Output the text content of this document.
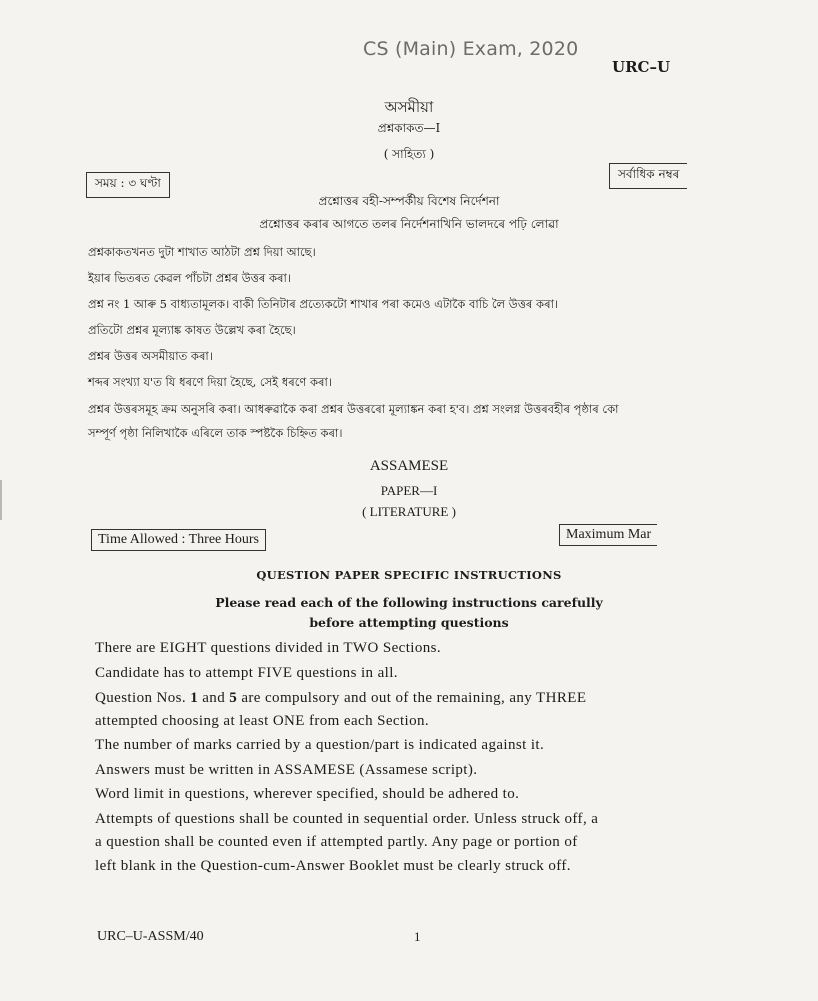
CS (Main) Exam, 2020
URC–U
অসমীয়া
প্ৰশ্নকাকত—I
( সাহিত্য )
সময় : ৩ ঘণ্টা
সৰ্বাধিক নম্বৰ
প্ৰশ্নোত্তৰ বহী-সম্পৰ্কীয় বিশেষ নিৰ্দেশনা
প্ৰশ্নোত্তৰ কৰাৰ আগতে তলৰ নিৰ্দেশনাখিনি ভালদৰে পঢ়ি লোৱা
প্ৰশ্নকাকতখনত দুটা শাখাত আঠটা প্ৰশ্ন দিয়া আছে।
ইয়াৰ ভিতৰত কেৱল পাঁচটা প্ৰশ্নৰ উত্তৰ কৰা।
প্ৰশ্ন নং 1 আৰু 5 বাধ্যতামূলক। বাকী তিনিটাৰ প্ৰত্যেকটো শাখাৰ পৰা কমেও এটাকৈ বাচি লৈ উত্তৰ কৰা।
প্ৰতিটো প্ৰশ্নৰ মূল্যাঙ্ক কাষত উল্লেখ কৰা হৈছে।
প্ৰশ্নৰ উত্তৰ অসমীয়াত কৰা।
শব্দৰ সংখ্যা য'ত যি ধৰণে দিয়া হৈছে, সেই ধৰণে কৰা।
প্ৰশ্নৰ উত্তৰসমূহ ক্ৰম অনুসৰি কৰা। আধৰুৱাকৈ কৰা প্ৰশ্নৰ উত্তৰৰো মূল্যাঙ্কন কৰা হ'ব। প্ৰশ্ন সংলগ্ন উত্তৰবহীৰ পৃষ্ঠাৰ কো
সম্পূৰ্ণ পৃষ্ঠা নিলিখাকৈ এৰিলে তাক স্পষ্টকৈ চিহ্নিত কৰা।
ASSAMESE
PAPER—I
( LITERATURE )
Time Allowed : Three Hours	Maximum Mar
QUESTION PAPER SPECIFIC INSTRUCTIONS
Please read each of the following instructions carefully
before attempting questions
There are EIGHT questions divided in TWO Sections.
Candidate has to attempt FIVE questions in all.
Question Nos. 1 and 5 are compulsory and out of the remaining, any THREE
attempted choosing at least ONE from each Section.
The number of marks carried by a question/part is indicated against it.
Answers must be written in ASSAMESE (Assamese script).
Word limit in questions, wherever specified, should be adhered to.
Attempts of questions shall be counted in sequential order. Unless struck off, a
a question shall be counted even if attempted partly. Any page or portion of
left blank in the Question-cum-Answer Booklet must be clearly struck off.
URC–U-ASSM/40	1
